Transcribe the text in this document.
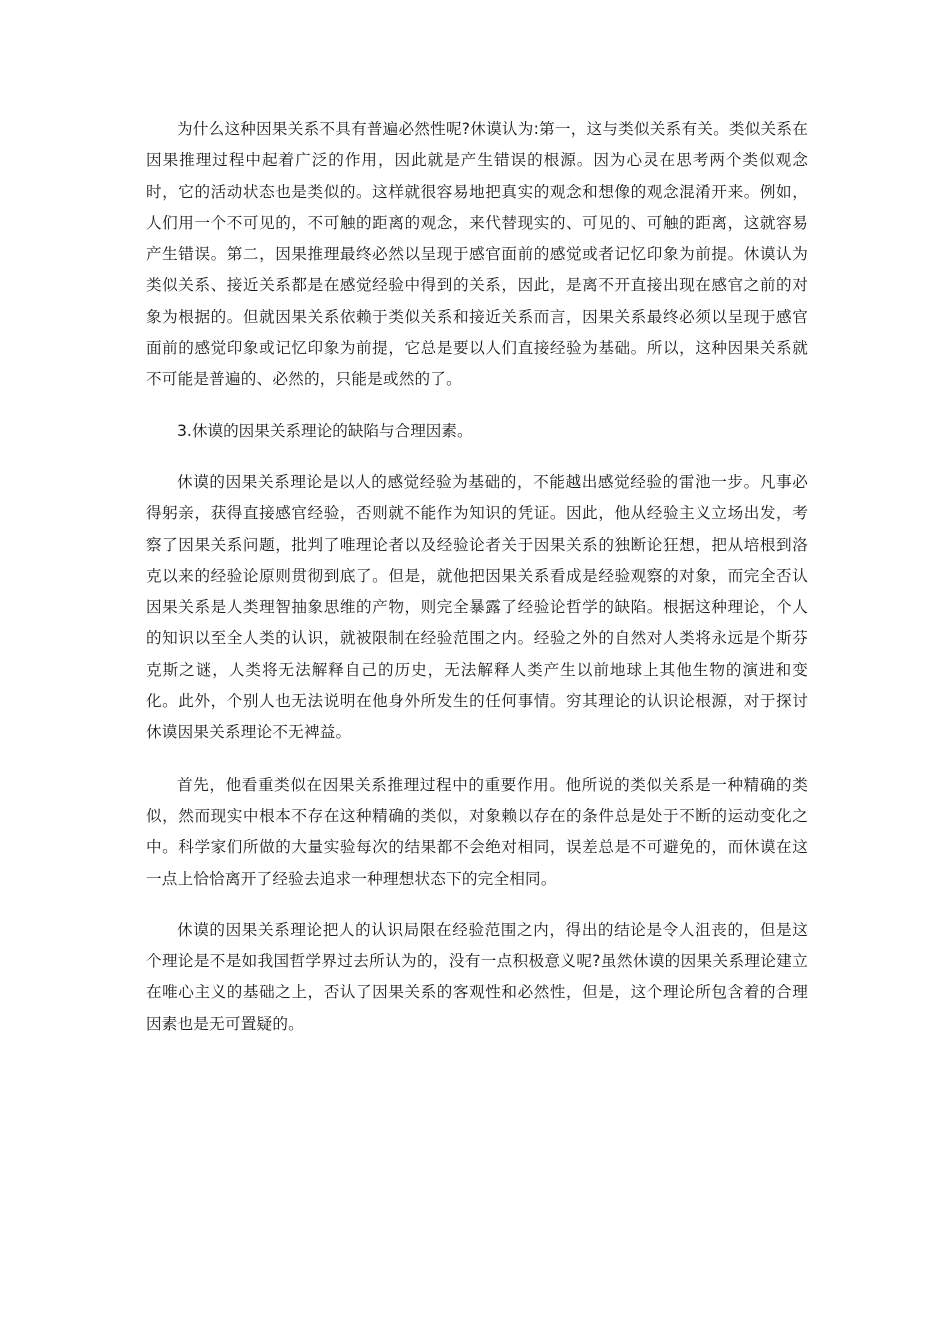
为什么这种因果关系不具有普遍必然性呢?休谟认为:第一，这与类似关系有关。类似关系在因果推理过程中起着广泛的作用，因此就是产生错误的根源。因为心灵在思考两个类似观念时，它的活动状态也是类似的。这样就很容易地把真实的观念和想像的观念混淆开来。例如，人们用一个不可见的，不可触的距离的观念，来代替现实的、可见的、可触的距离，这就容易产生错误。第二，因果推理最终必然以呈现于感官面前的感觉或者记忆印象为前提。休谟认为类似关系、接近关系都是在感觉经验中得到的关系，因此，是离不开直接出现在感官之前的对象为根据的。但就因果关系依赖于类似关系和接近关系而言，因果关系最终必须以呈现于感官面前的感觉印象或记忆印象为前提，它总是要以人们直接经验为基础。所以，这种因果关系就不可能是普遍的、必然的，只能是或然的了。

3.休谟的因果关系理论的缺陷与合理因素。

休谟的因果关系理论是以人的感觉经验为基础的，不能越出感觉经验的雷池一步。凡事必得躬亲，获得直接感官经验，否则就不能作为知识的凭证。因此，他从经验主义立场出发，考察了因果关系问题，批判了唯理论者以及经验论者关于因果关系的独断论狂想，把从培根到洛克以来的经验论原则贯彻到底了。但是，就他把因果关系看成是经验观察的对象，而完全否认因果关系是人类理智抽象思维的产物，则完全暴露了经验论哲学的缺陷。根据这种理论，个人的知识以至全人类的认识，就被限制在经验范围之内。经验之外的自然对人类将永远是个斯芬克斯之谜，人类将无法解释自己的历史，无法解释人类产生以前地球上其他生物的演进和变化。此外，个别人也无法说明在他身外所发生的任何事情。穷其理论的认识论根源，对于探讨休谟因果关系理论不无裨益。

首先，他看重类似在因果关系推理过程中的重要作用。他所说的类似关系是一种精确的类似，然而现实中根本不存在这种精确的类似，对象赖以存在的条件总是处于不断的运动变化之中。科学家们所做的大量实验每次的结果都不会绝对相同，误差总是不可避免的，而休谟在这一点上恰恰离开了经验去追求一种理想状态下的完全相同。

休谟的因果关系理论把人的认识局限在经验范围之内，得出的结论是令人沮丧的，但是这个理论是不是如我国哲学界过去所认为的，没有一点积极意义呢?虽然休谟的因果关系理论建立在唯心主义的基础之上，否认了因果关系的客观性和必然性，但是，这个理论所包含着的合理因素也是无可置疑的。
